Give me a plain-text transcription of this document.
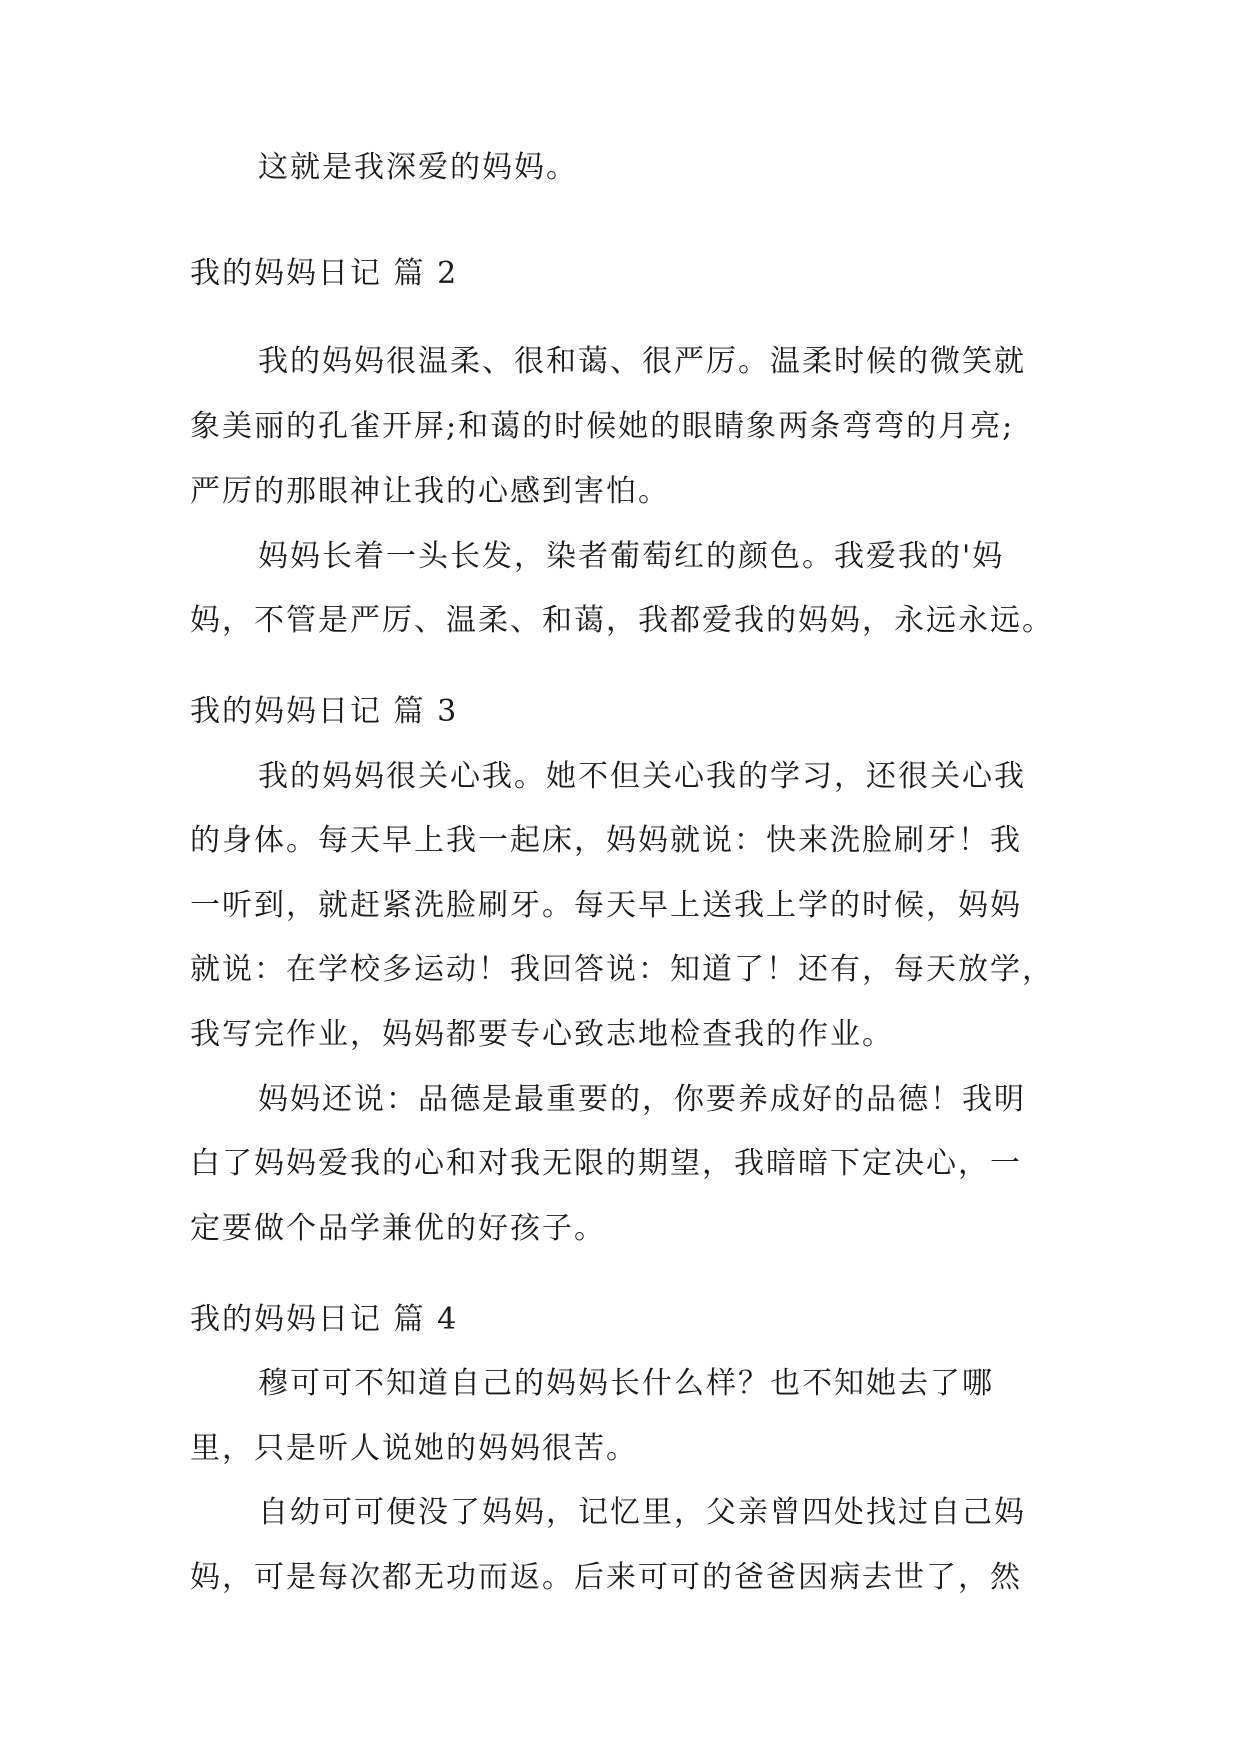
这就是我深爱的妈妈。
我的妈妈日记 篇 2
我的妈妈很温柔、很和蔼、很严厉。温柔时候的微笑就
象美丽的孔雀开屏;和蔼的时候她的眼睛象两条弯弯的月亮;
严厉的那眼神让我的心感到害怕。
妈妈长着一头长发，染者葡萄红的颜色。我爱我的'妈
妈，不管是严厉、温柔、和蔼，我都爱我的妈妈，永远永远。
我的妈妈日记 篇 3
我的妈妈很关心我。她不但关心我的学习，还很关心我
的身体。每天早上我一起床，妈妈就说：快来洗脸刷牙！我
一听到，就赶紧洗脸刷牙。每天早上送我上学的时候，妈妈
就说：在学校多运动！我回答说：知道了！还有，每天放学，
我写完作业，妈妈都要专心致志地检查我的作业。
妈妈还说：品德是最重要的，你要养成好的品德！我明
白了妈妈爱我的心和对我无限的期望，我暗暗下定决心，一
定要做个品学兼优的好孩子。
我的妈妈日记 篇 4
穆可可不知道自己的妈妈长什么样？也不知她去了哪
里，只是听人说她的妈妈很苦。
自幼可可便没了妈妈，记忆里，父亲曾四处找过自己妈
妈，可是每次都无功而返。后来可可的爸爸因病去世了，然
